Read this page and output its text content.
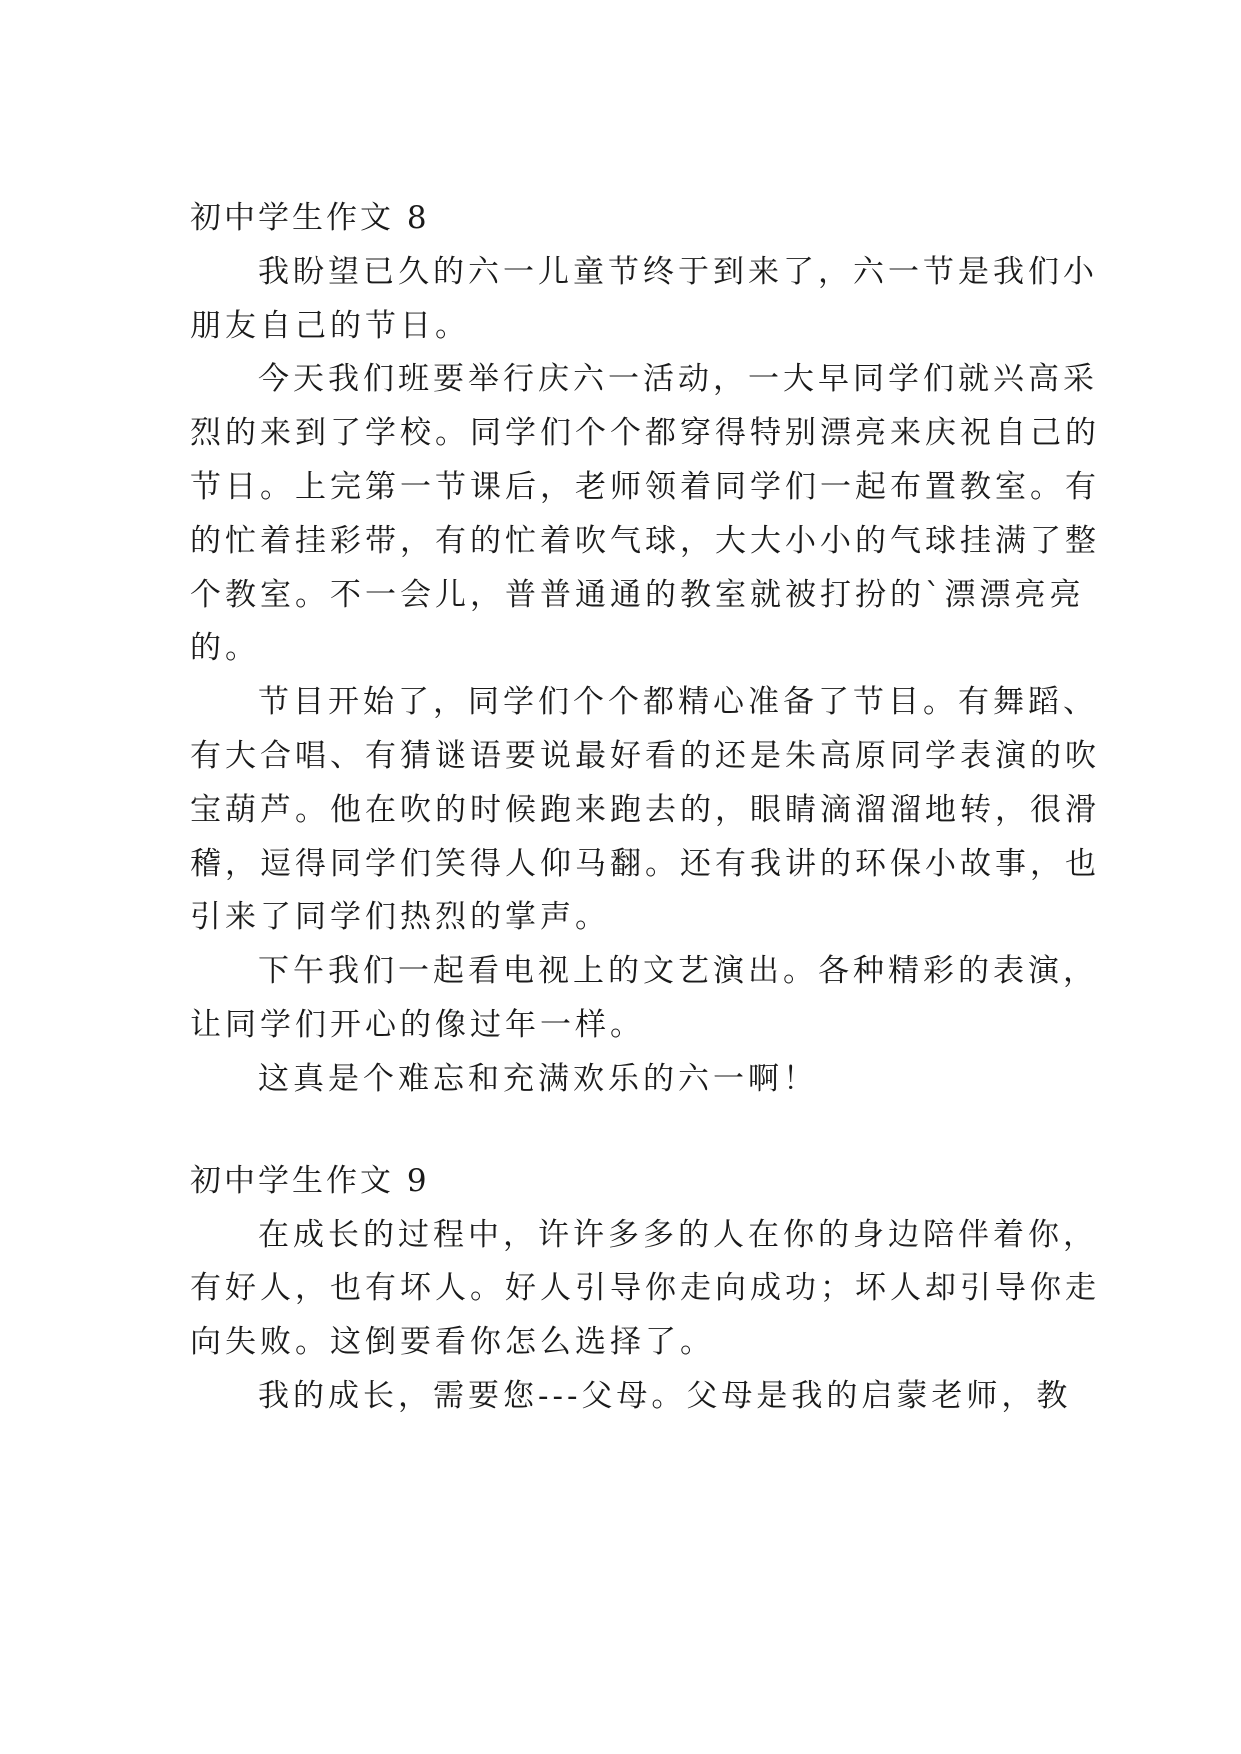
初中学生作文 8
我盼望已久的六一儿童节终于到来了，六一节是我们小
朋友自己的节日。
今天我们班要举行庆六一活动，一大早同学们就兴高采
烈的来到了学校。同学们个个都穿得特别漂亮来庆祝自己的
节日。上完第一节课后，老师领着同学们一起布置教室。有
的忙着挂彩带，有的忙着吹气球，大大小小的气球挂满了整
个教室。不一会儿，普普通通的教室就被打扮的`漂漂亮亮
的。
节目开始了，同学们个个都精心准备了节目。有舞蹈、
有大合唱、有猜谜语要说最好看的还是朱高原同学表演的吹
宝葫芦。他在吹的时候跑来跑去的，眼睛滴溜溜地转，很滑
稽，逗得同学们笑得人仰马翻。还有我讲的环保小故事，也
引来了同学们热烈的掌声。
下午我们一起看电视上的文艺演出。各种精彩的表演，
让同学们开心的像过年一样。
这真是个难忘和充满欢乐的六一啊！
初中学生作文 9
在成长的过程中，许许多多的人在你的身边陪伴着你，
有好人，也有坏人。好人引导你走向成功；坏人却引导你走
向失败。这倒要看你怎么选择了。
我的成长，需要您---父母。父母是我的启蒙老师，教
